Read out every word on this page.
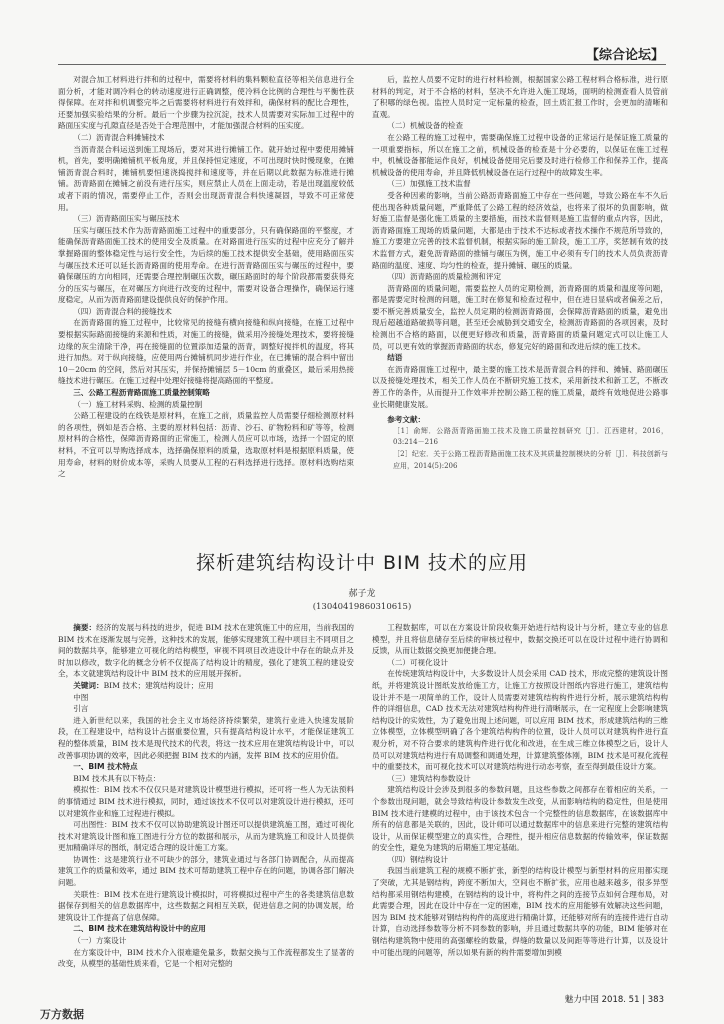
【综合论坛】

对混合加工材料进行拌和的过程中，需要将材料的集料颗粒直径等相关信息进行全面分析，才能对调冷料仓的转动速度进行正确调整，使冷料仓比例的合理性与平衡性获得保障。在对拌和机调整完毕之后需要将材料进行有效拌和，确保材料的配比合理性，还要加强实验结果的分析。最后一个步骤为拉沉淀，技术人员需要对实际加工过程中的路面压实度与孔隙直径是否处于合理范围中，才能加强混合材料的压实度。

（二）沥青混合料摊铺技术

当沥青混合料运送到施工现场后，要对其进行摊铺工作。就开始过程中要使用摊铺机，首先，要明确摊铺机平板角度，并且保持恒定速度，不可出现时快时慢现象，在摊铺沥青混合料时，摊铺机要恒速浇捣搅拌和速度等，并在后期以此数据为标准进行摊铺。沥青路面在摊铺之前没有进行压实，则应禁止人员在上面走动，若是出现温度较低或者下雨的情况，需要停止工作，否则会出现沥青混合料快速凝固，导致不可正常使用。

（三）沥青路面压实与碾压技术

压实与碾压技术作为沥青路面施工过程中的重要部分，只有确保路面的平整度，才能确保沥青路面施工技术的使用安全及质量。在对路面进行压实的过程中应充分了解并掌握路面的整体稳定性与运行安全性，为后续的施工技术提供安全基础，使用路面压实与碾压技术还可以延长沥青路面的使用寿命。在进行沥青路面压实与碾压的过程中，要确保碾压的方向相同，还需要合理控制碾压次数，碾压路面时的每个阶段都需要获得充分的压实与碾压，在对碾压方向进行改变的过程中，需要对设备合理操作，确保运行速度稳定，从而为沥青路面建设提供良好的保护作用。

（四）沥青混合料的接缝技术

在沥青路面的施工过程中，比较常见的接缝有横向接缝和纵向接缝，在施工过程中要根据实际路面接缝的来源和性质，对施工的接缝，做采用冷接缝处理技术，要将接缝边缘的灰尘清除干净，再在接缝面的位置添加适量的沥青，调整好搅拌机的温度，将其进行加热。对于纵向接缝，应使用两台摊铺机同步进行作业，在已摊铺的混合料中留出 10－20cm 的空间，然后对其压实，并保持摊铺层 5－10cm 的重叠区，最后采用热接缝技术进行碾压。在施工过程中处理好接缝将提高路面的平整度。

三、公路工程沥青路面施工质量控制策略

（一）施工材料采购、检测的质量控制

公路工程建设的在线铁是原材料，在施工之前，质量监控人员需要仔细检测原材料的各项性，例如是否合格、主要的原材料包括：沥青、沙石、矿物粉料和矿等等，检测原材料的合格性，保障沥青路面的正常施工，检测人员应可以市场，选择一个固定的原材料，不宜可以导购选择成本，选择确保原料的质量，选取原材料是根据原料质量，使用寿命，材料的财价成本等，采购人员要从工程的石料选择进行选择。原材料选购结束之

后，监控人员要不定时的进行材料检测，根据国家公路工程材料合格标准，进行原材料的判定，对于不合格的材料，坚决不允许进入施工现场，面明的检测查看人员管前了积哪的绿色视。监控人员时定一定标量的检查，回土质汇报工作时，会更加的清晰和直观。

（二）机械设备的检查

在公路工程的施工过程中，需要确保施工过程中设备的正常运行是保证施工质量的一项重要指标，所以在施工之前，机械设备的检查是十分必要的，以保证在施工过程中，机械设备都能运作良好，机械设备使用完后要及时进行检修工作和保养工作，提高机械设备的使用寿命，并且降低机械设备在运行过程中的故障发生率。

（三）加强施工技术监督

受各种因素的影响，当前公路沥青路面施工中存在一些问题，导致公路在车不久后使出现各种质量问题，严重降低了公路工程的经济效益，也将来了很坏的负面影响，做好施工监督是强化施工质量的主要措施，而技术监督则是施工监督的重点内容，因此，沥青路面施工现场的质量问题，大都是由于技术不达标或者技术操作不规范所导致的，施工方要建立完善的技术监督机制，根据实际的施工阶段，施工工序，奖惩制有效的技术监督方式，避免沥青路面的推铺与碾压为例，施工中必须有专门的技术人员负责沥青路面的温度、速度、均匀性的检查，提升摊铺、碾压的质量。

（四）沥青路面的质量检测和评定

沥青路面的质量问题，需要监控人员的定期检测，沥青路面的质量和温度等问题，都是需要定时检测的问题，施工时在修复和检查过程中，但在进日显病或者偏差之后，要不断完善质量安全，监控人员定期的检测沥青路面，会保障沥青路面的质量，避免出现后超越道路破损等问题，甚至还会威胁到交通安全，检测沥青路面的各项因素，及时检测出不合格的路面，以便更好修改和质量，沥青路面的质量问题定式可以让施工人员，可以更有效的掌握沥青路面的状态，修复完好的路面和改进后续的施工技术。

结语

在沥青路面施工过程中，最主要的施工技术是沥青混合料的拌和、摊铺、路面碾压以及接缝处理技术，相关工作人员在不断研究施工技术，采用新技术和新工艺，不断改善工作的条件，从而提升工作效率并控制公路工程的施工质量，最终有效地促进公路事业长期健康发展。

参考文献：

［1］俞辉．公路沥青路面施工技术及施工质量控制研究［J］．江西建材，2016，03:214－216

［2］纪宏．关于公路工程沥青路面施工技术及其质量控制模块的分析［J］．科技创新与应用，2014(5):206

探析建筑结构设计中 BIM 技术的应用
郝子龙
(13040419860310615)

摘要：经济的发展与科技的进步，促进 BIM 技术在建筑施工中的应用，当前我国的 BIM 技术在逐渐发展与完善，这种技术的发展，能够实现建筑工程中项目主不同项目之间的数据共享，能够建立可视化的结构模型，审视不同项目改进设计中存在的缺点并及时加以修改，数字化的概念分析不仅提高了结构设计的精度，强化了建筑工程的建设安全，本文就建筑结构设计中 BIM 技术的应用展开探析。

关键词：BIM 技术；建筑结构设计；应用

中图

引言

进入新世纪以来，我国的社会主义市场经济持续繁荣，建筑行业进入快速发展阶段，在工程建设中，结构设计占据重要位置，只有提高结构设计水平，才能保证建筑工程的整体质量，BIM 技术是现代技术的代表，将这一技术应用在建筑结构设计中，可以改善事项协调的效率，因此必须把握 BIM 技术的内涵，发挥 BIM 技术的应用价值。

一、BIM 技术特点

BIM 技术具有以下特点：

模拟性：BIM 技术不仅仅只是对建筑设计模型进行模拟，还可将一些人为无法预料的事情通过 BIM 技术进行模拟，同时，通过该技术不仅可以对建筑设计进行模拟，还可以对建筑作业和施工过程进行模拟。

可出图性：BIM 技术不仅可以协助建筑设计图还可以提供建筑施工图，通过可视化技术对建筑设计图和施工图进行分方位的数据和展示，从而为建筑施工和设计人员提供更加精确详尽的图纸，制定适合理的设计施工方案。

协调性：这是建筑行业不可缺少的部分，建筑业通过与各部门协调配合，从而提高建筑工作的质量和效率，通过 BIM 技术可帮助建筑工程中存在的问题，协调各部门解决问题。

关联性：BIM 技术在进行建筑设计模拟时，可将模拟过程中产生的各类建筑信息数据保存到相关的信息数据库中，这些数据之间相互关联，促进信息之间的协调发展，给建筑设计工作提高了信息保障。

二、BIM 技术在建筑结构设计中的应用

（一）方案设计

在方案设计中，BIM 技术介入很难避免量多，数据交换与工作流程都发生了显著的改变，从模型的基础性质来看，它是一个相对完整的

工程数据库，可以在方案设计阶段收集开始进行结构设计与分析，建立专业的信息模型，并且将信息储存至后续的审核过程中，数据交换还可以在设计过程中进行协调和反馈，从而让数据交换更加便捷合理。

（二）可视化设计

在传统建筑结构设计中，大多数设计人员会采用 CAD 技术，形成完整的建筑设计图纸，并将建筑设计图纸发放给施工方，让施工方按照设计图纸内容进行施工，建筑结构设计并不是一项简单的工作，设计人员需要对建筑结构构件进行分析，展示建筑结构构件的详细信息，CAD 技术无法对建筑结构构件进行清晰展示，在一定程度上会影响建筑结构设计的实效性，为了避免出现上述问题，可以应用 BIM 技术，形成建筑结构的三维立体模型，立体模型明确了各个建筑结构构件的位置，设计人员可以对建筑构件进行直观分析，对不符合要求的建筑构件进行优化和改进，在生成三维立体模型之后，设计人员可以对建筑结构进行有局调整和调通处理，计算建筑整体刚，BIM 技术是可视化流程中的重要技术，而可视化技术可以对建筑结构进行动态考察，查至得到最佳设计方案。

（三）建筑结构参数设计

建筑结构设计会涉及到很多的参数问题，且这些参数之间都存在着相应的关系，一个参数出现问题，就会导致结构设计参数发生改变，从而影响结构的稳定性，但是使用 BIM 技术进行建模的过程中，由于该技术包含一个完整性的信息数据库，在该数据库中所有的信息都是关联的，因此，设计师可以通过数据库中的信息来进行完整的建筑结构设计，从而保证模型建立的真实性，合理性，提升相应信息数据的传输效率，保证数据的安全性，避免为建筑的后期施工埋定基础。

（四）钢结构设计

我国当前建筑工程的规模不断扩张，新型的结构设计模型与新型材料的应用都实现了突破，尤其是钢结构，跨度不断加大，空间也不断扩张，应用也越来越多，很多异型结构都采用钢结构建模，在钢结构的设计中，将构件之间的连接节点如何合理布局，对此需要合理，因此在设计中存在一定的困难，BIM 技术的应用能够有效解决这些问题，因为 BIM 技术能够对钢结构构件的高度进行精确计算，还能够对所有的连接件进行自动计算，自动选择参数等分析不同参数的影响，并且通过数据共享的功能，BIM 能够对在钢结构建筑物中使用的高强螺栓的数量，焊缝的数量以及间距等等进行计算，以及设计中可能出现的问题等，所以如果有新的构件需要增加到模

魅力中国 2018. 51 | 383
万方数据
